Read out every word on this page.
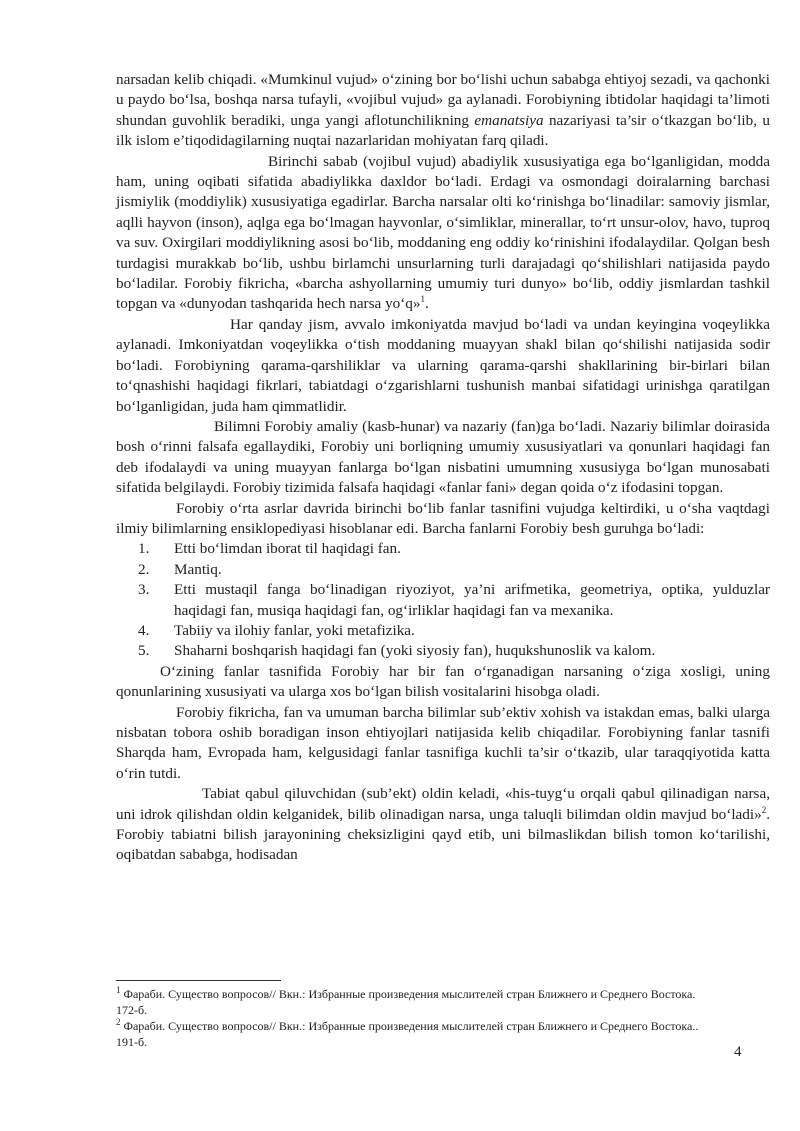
narsadan kelib chiqadi. «Mumkinul vujud» o‘zining bor bo‘lishi uchun sababga ehtiyoj sezadi, va qachonki u paydo bo‘lsa, boshqa narsa tufayli, «vojibul vujud» ga aylanadi. Forobiyning ibtidolar haqidagi ta’limoti shundan guvohlik beradiki, unga yangi aflotunchilikning emanatsiya nazariyasi ta’sir o‘tkazgan bo‘lib, u ilk islom e’tiqodidagilarning nuqtai nazarlaridan mohiyatan farq qiladi.

Birinchi sabab (vojibul vujud) abadiylik xususiyatiga ega bo‘lganligidan, modda ham, uning oqibati sifatida abadiylikka daxldor bo‘ladi. Erdagi va osmondagi doiralarning barchasi jismiylik (moddiylik) xususiyatiga egadirlar. Barcha narsalar olti ko‘rinishga bo‘linadilar: samoviy jismlar, aqlli hayvon (inson), aqlga ega bo‘lmagan hayvonlar, o‘simliklar, minerallar, to‘rt unsur-olov, havo, tuproq va suv. Oxirgilari moddiylikning asosi bo‘lib, moddaning eng oddiy ko‘rinishini ifodalaydilar. Qolgan besh turdagisi murakkab bo‘lib, ushbu birlamchi unsurlarning turli darajadagi qo‘shilishlari natijasida paydo bo‘ladilar. Forobiy fikricha, «barcha ashyollarning umumiy turi dunyo» bo‘lib, oddiy jismlardan tashkil topgan va «dunyodan tashqarida hech narsa yo‘q»$^1$.

Har qanday jism, avvalo imkoniyatda mavjud bo‘ladi va undan keyingina voqeylikka aylanadi. Imkoniyatdan voqeylikka o‘tish moddaning muayyan shakl bilan qo‘shilishi natijasida sodir bo‘ladi. Forobiyning qarama-qarshiliklar va ularning qarama-qarshi shakllarining bir-birlari bilan to‘qnashishi haqidagi fikrlari, tabiatdagi o‘zgarishlarni tushunish manbai sifatidagi urinishga qaratilgan bo‘lganligidan, juda ham qimmatlidir.

Bilimni Forobiy amaliy (kasb-hunar) va nazariy (fan)ga bo‘ladi. Nazariy bilimlar doirasida bosh o‘rinni falsafa egallaydiki, Forobiy uni borliqning umumiy xususiyatlari va qonunlari haqidagi fan deb ifodalaydi va uning muayyan fanlarga bo‘lgan nisbatini umumning xususiyga bo‘lgan munosabati sifatida belgilaydi. Forobiy tizimida falsafa haqidagi «fanlar fani» degan qoida o‘z ifodasini topgan.

Forobiy o‘rta asrlar davrida birinchi bo‘lib fanlar tasnifini vujudga keltirdiki, u o‘sha vaqtdagi ilmiy bilimlarning ensiklopediyasi hisoblanar edi. Barcha fanlarni Forobiy besh guruhga bo‘ladi:

1.	Etti bo‘limdan iborat til haqidagi fan.
2.	Mantiq.
3.	Etti mustaqil fanga bo‘linadigan riyoziyot, ya’ni arifmetika, geometriya, optika, yulduzlar haqidagi fan, musiqa haqidagi fan, og‘irliklar haqidagi fan va mexanika.
4.	Tabiiy va ilohiy fanlar, yoki metafizika.
5.	Shaharni boshqarish haqidagi fan (yoki siyosiy fan), huqukshunoslik va kalom.

O‘zining fanlar tasnifida Forobiy har bir fan o‘rganadigan narsaning o‘ziga xosligi, uning qonunlarining xususiyati va ularga xos bo‘lgan bilish vositalarini hisobga oladi.

Forobiy fikricha, fan va umuman barcha bilimlar sub’ektiv xohish va istakdan emas, balki ularga nisbatan tobora oshib boradigan inson ehtiyojlari natijasida kelib chiqadilar. Forobiyning fanlar tasnifi Sharqda ham, Evropada ham, kelgusidagi fanlar tasnifiga kuchli ta’sir o‘tkazib, ular taraqqiyotida katta o‘rin tutdi.

Tabiat qabul qiluvchidan (sub’ekt) oldin keladi, «his-tuyg‘u orqali qabul qilinadigan narsa, uni idrok qilishdan oldin kelganidek, bilib olinadigan narsa, unga taluqli bilimdan oldin mavjud bo‘ladi»$^2$. Forobiy tabiatni bilish jarayonining cheksizligini qayd etib, uni bilmaslikdan bilish tomon ko‘tarilishi, oqibatdan sababga, hodisadan

$^1$ Фараби. Существо вопросов// Вкн.: Избранные произведения мыслителей стран Ближнего и Среднего Востока. 172-б.

$^2$ Фараби. Существо вопросов// Вкн.: Избранные произведения мыслителей стран Ближнего и Среднего Востока.. 191-б.

4
